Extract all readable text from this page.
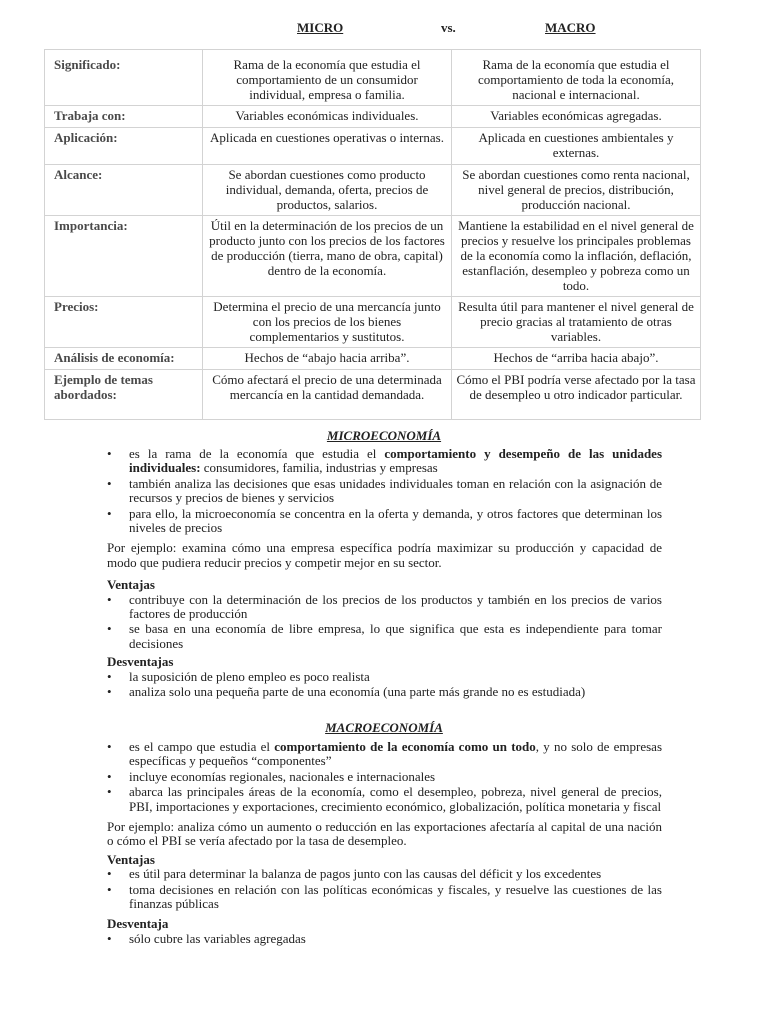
MICRO	vs.	MACRO
Significado:	Rama de la economía que estudia el comportamiento de un consumidor individual, empresa o familia.	Rama de la economía que estudia el comportamiento de toda la economía, nacional e internacional.
Trabaja con:	Variables económicas individuales.	Variables económicas agregadas.
Aplicación:	Aplicada en cuestiones operativas o internas.	Aplicada en cuestiones ambientales y externas.
Alcance:	Se abordan cuestiones como producto individual, demanda, oferta, precios de productos, salarios.	Se abordan cuestiones como renta nacional, nivel general de precios, distribución, producción nacional.
Importancia:	Útil en la determinación de los precios de un producto junto con los precios de los factores de producción (tierra, mano de obra, capital) dentro de la economía.	Mantiene la estabilidad en el nivel general de precios y resuelve los principales problemas de la economía como la inflación, deflación, estanflación, desempleo y pobreza como un todo.
Precios:	Determina el precio de una mercancía junto con los precios de los bienes complementarios y sustitutos.	Resulta útil para mantener el nivel general de precio gracias al tratamiento de otras variables.
Análisis de economía:	Hechos de “abajo hacia arriba”.	Hechos de “arriba hacia abajo”.
Ejemplo de temas abordados:	Cómo afectará el precio de una determinada mercancía en la cantidad demandada.	Cómo el PBI podría verse afectado por la tasa de desempleo u otro indicador particular.
MICROECONOMÍA
• es la rama de la economía que estudia el comportamiento y desempeño de las unidades individuales: consumidores, familia, industrias y empresas
• también analiza las decisiones que esas unidades individuales toman en relación con la asignación de recursos y precios de bienes y servicios
• para ello, la microeconomía se concentra en la oferta y demanda, y otros factores que determinan los niveles de precios

Por ejemplo: examina cómo una empresa específica podría maximizar su producción y capacidad de modo que pudiera reducir precios y competir mejor en su sector.

Ventajas
• contribuye con la determinación de los precios de los productos y también en los precios de varios factores de producción
• se basa en una economía de libre empresa, lo que significa que esta es independiente para tomar decisiones
Desventajas
• la suposición de pleno empleo es poco realista
• analiza solo una pequeña parte de una economía (una parte más grande no es estudiada)
MACROECONOMÍA
• es el campo que estudia el comportamiento de la economía como un todo, y no solo de empresas específicas y pequeños “componentes”
• incluye economías regionales, nacionales e internacionales
• abarca las principales áreas de la economía, como el desempleo, pobreza, nivel general de precios, PBI, importaciones y exportaciones, crecimiento económico, globalización, política monetaria y fiscal

Por ejemplo: analiza cómo un aumento o reducción en las exportaciones afectaría al capital de una nación o cómo el PBI se vería afectado por la tasa de desempleo.

Ventajas
• es útil para determinar la balanza de pagos junto con las causas del déficit y los excedentes
• toma decisiones en relación con las políticas económicas y fiscales, y resuelve las cuestiones de las finanzas públicas
Desventaja
• sólo cubre las variables agregadas
